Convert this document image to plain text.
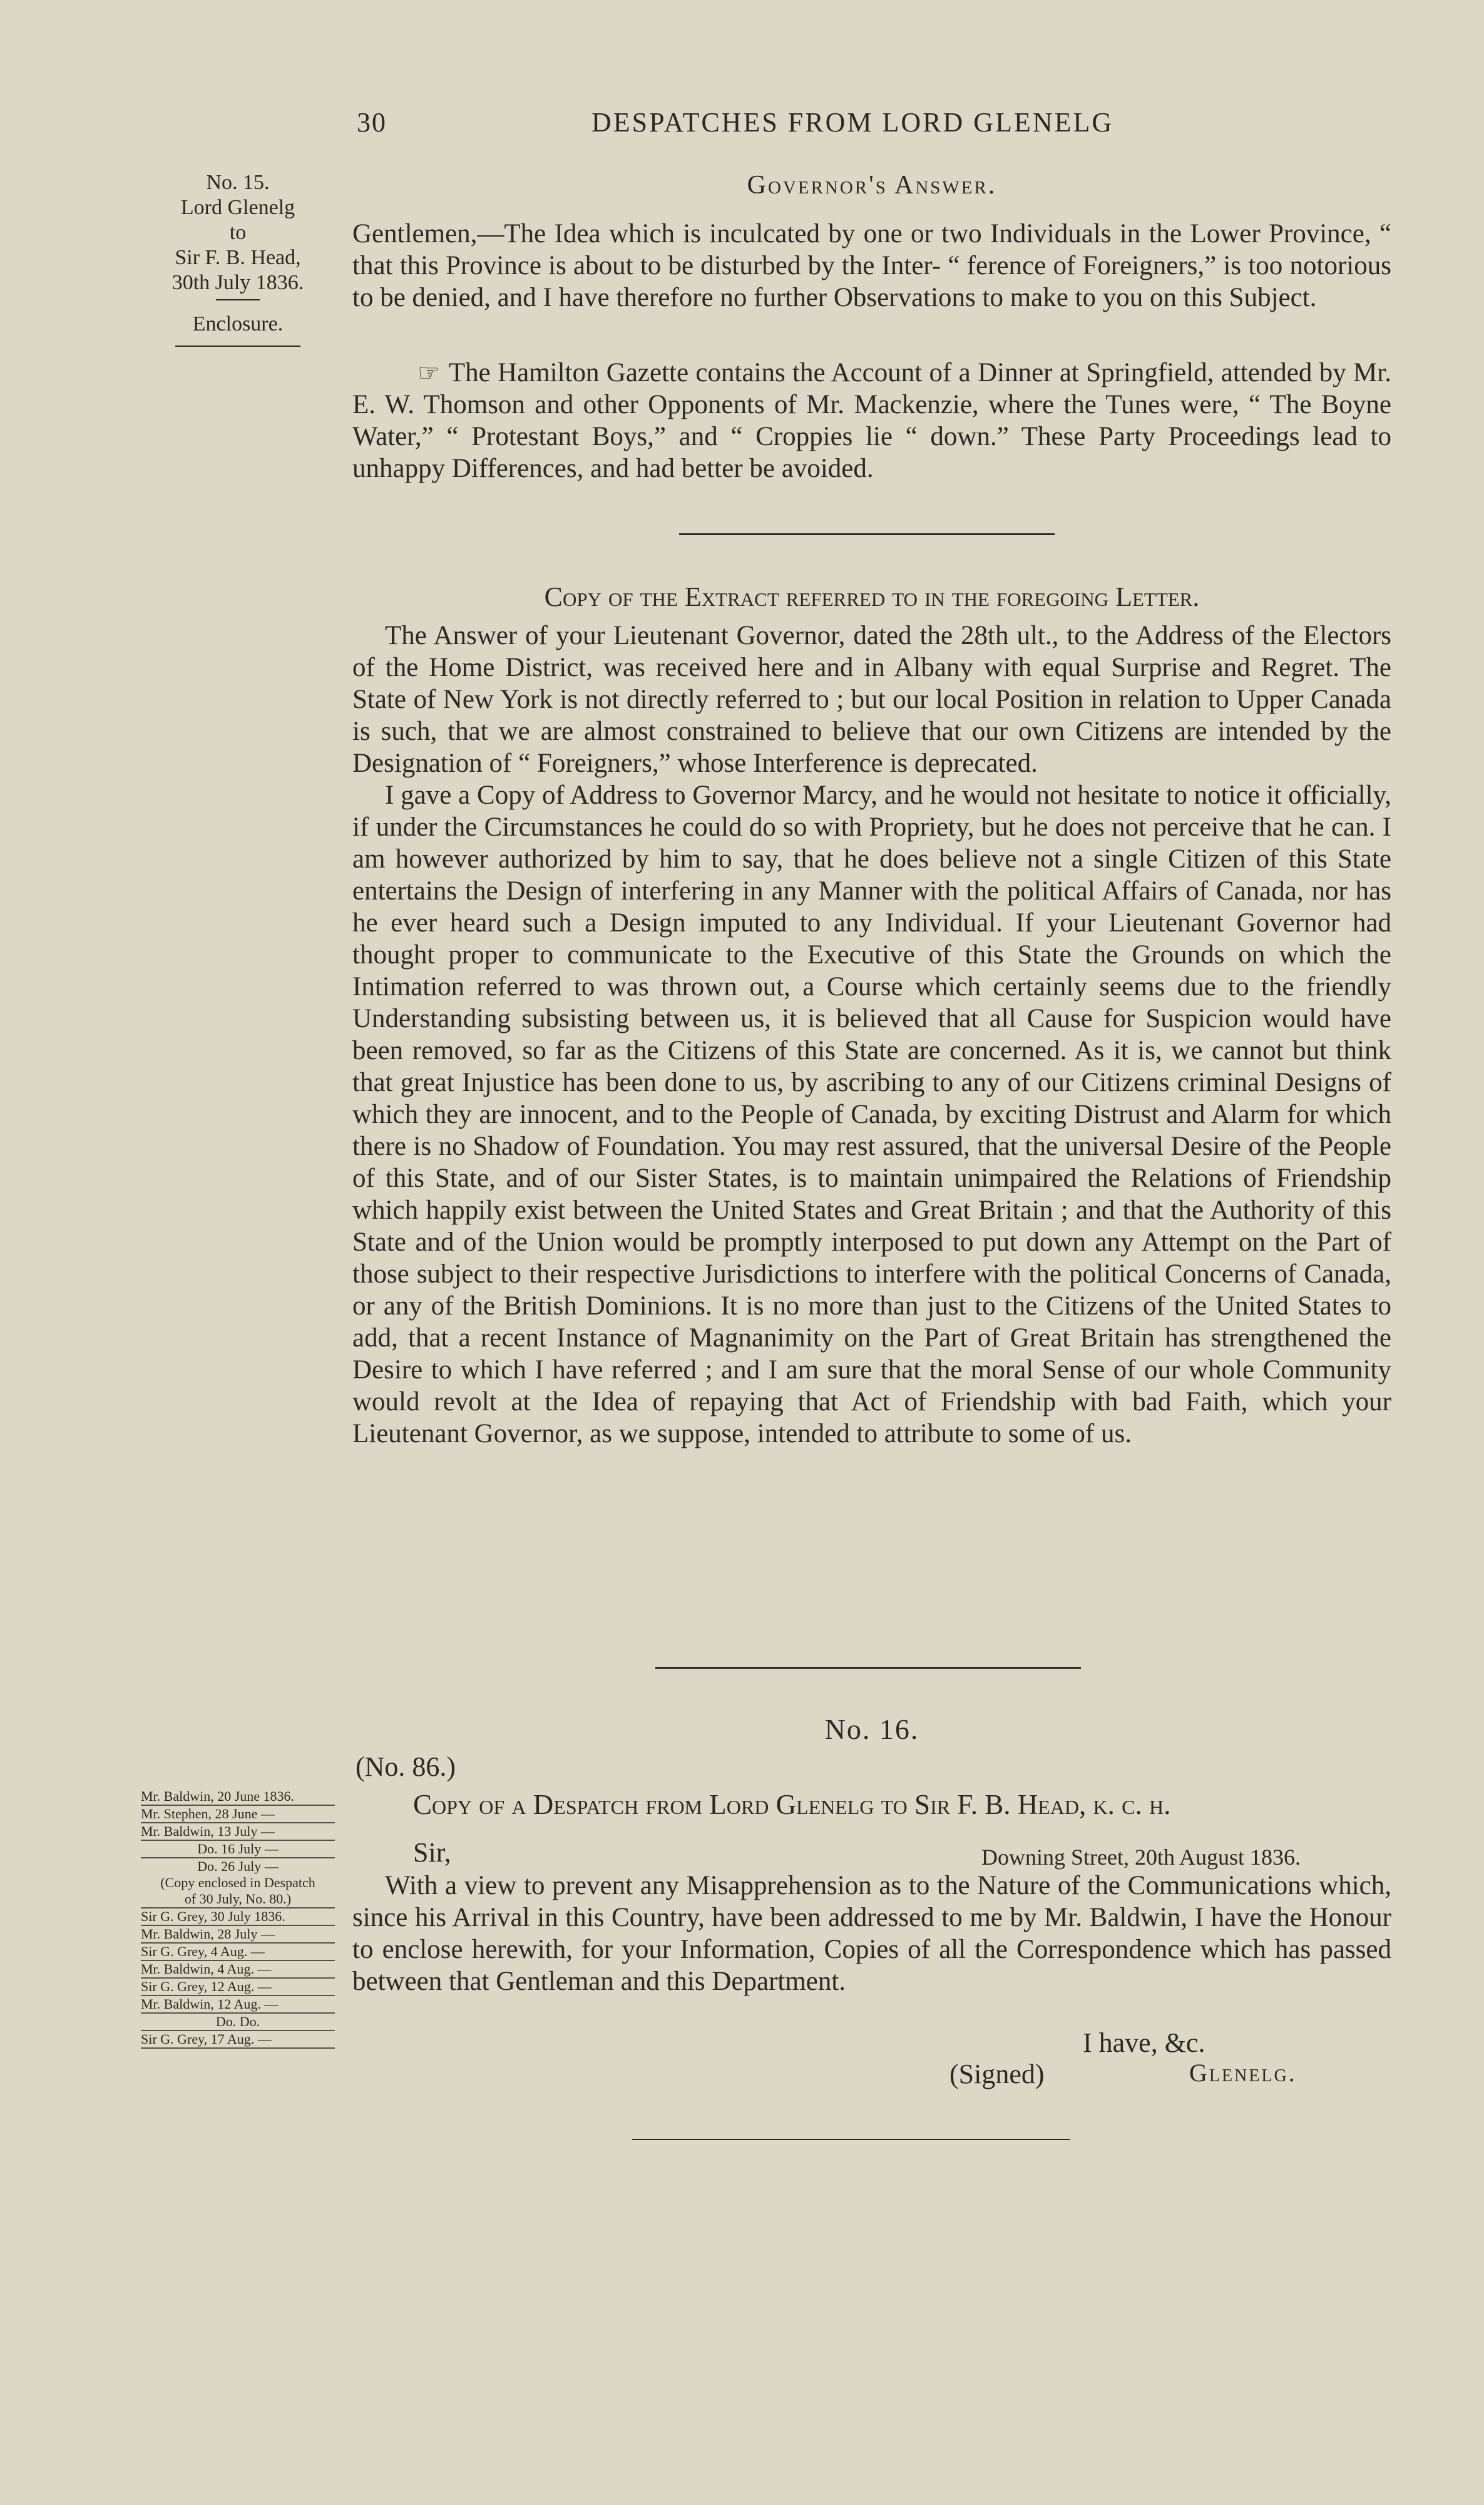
30	DESPATCHES FROM LORD GLENELG
No. 15.
Lord Glenelg
to
Sir F. B. Head,
30th July 1836.
Enclosure.
Governor's Answer.

Gentlemen,—The Idea which is inculcated by one or two Individuals in the Lower Province, “ that this Province is about to be disturbed by the Inter- “ ference of Foreigners,” is too notorious to be denied, and I have therefore no further Observations to make to you on this Subject.

☞ The Hamilton Gazette contains the Account of a Dinner at Springfield, attended by Mr. E. W. Thomson and other Opponents of Mr. Mackenzie, where the Tunes were, “ The Boyne Water,” “ Protestant Boys,” and “ Croppies lie “ down.” These Party Proceedings lead to unhappy Differences, and had better be avoided.

Copy of the Extract referred to in the foregoing Letter.

The Answer of your Lieutenant Governor, dated the 28th ult., to the Address of the Electors of the Home District, was received here and in Albany with equal Surprise and Regret. The State of New York is not directly referred to ; but our local Position in relation to Upper Canada is such, that we are almost constrained to believe that our own Citizens are intended by the Designation of “ Foreigners,” whose Interference is deprecated.

I gave a Copy of Address to Governor Marcy, and he would not hesitate to notice it officially, if under the Circumstances he could do so with Propriety, but he does not perceive that he can. I am however authorized by him to say, that he does believe not a single Citizen of this State entertains the Design of interfering in any Manner with the political Affairs of Canada, nor has he ever heard such a Design imputed to any Individual. If your Lieutenant Governor had thought proper to communicate to the Executive of this State the Grounds on which the Intimation referred to was thrown out, a Course which certainly seems due to the friendly Understanding subsisting between us, it is believed that all Cause for Suspicion would have been removed, so far as the Citizens of this State are concerned. As it is, we cannot but think that great Injustice has been done to us, by ascribing to any of our Citizens criminal Designs of which they are innocent, and to the People of Canada, by exciting Distrust and Alarm for which there is no Shadow of Foundation. You may rest assured, that the universal Desire of the People of this State, and of our Sister States, is to maintain unimpaired the Relations of Friendship which happily exist between the United States and Great Britain ; and that the Authority of this State and of the Union would be promptly interposed to put down any Attempt on the Part of those subject to their respective Jurisdictions to interfere with the political Concerns of Canada, or any of the British Dominions. It is no more than just to the Citizens of the United States to add, that a recent Instance of Magnanimity on the Part of Great Britain has strengthened the Desire to which I have referred ; and I am sure that the moral Sense of our whole Community would revolt at the Idea of repaying that Act of Friendship with bad Faith, which your Lieutenant Governor, as we suppose, intended to attribute to some of us.

No. 16.
(No. 86.)
Copy of a Despatch from Lord Glenelg to Sir F. B. Head, k. c. h.
Sir,	Downing Street, 20th August 1836.

With a view to prevent any Misapprehension as to the Nature of the Communications which, since his Arrival in this Country, have been addressed to me by Mr. Baldwin, I have the Honour to enclose herewith, for your Information, Copies of all the Correspondence which has passed between that Gentleman and this Department.

I have, &c.
(Signed)	Glenelg.
Mr. Baldwin, 20 June 1836.
Mr. Stephen, 28 June —
Mr. Baldwin, 13 July —
Do. 16 July —
Do. 26 July —
(Copy enclosed in Despatch
of 30 July, No. 80.)
Sir G. Grey, 30 July 1836.
Mr. Baldwin, 28 July —
Sir G. Grey, 4 Aug. —
Mr. Baldwin, 4 Aug. —
Sir G. Grey, 12 Aug. —
Mr. Baldwin, 12 Aug. —
Do. Do.
Sir G. Grey, 17 Aug. —
